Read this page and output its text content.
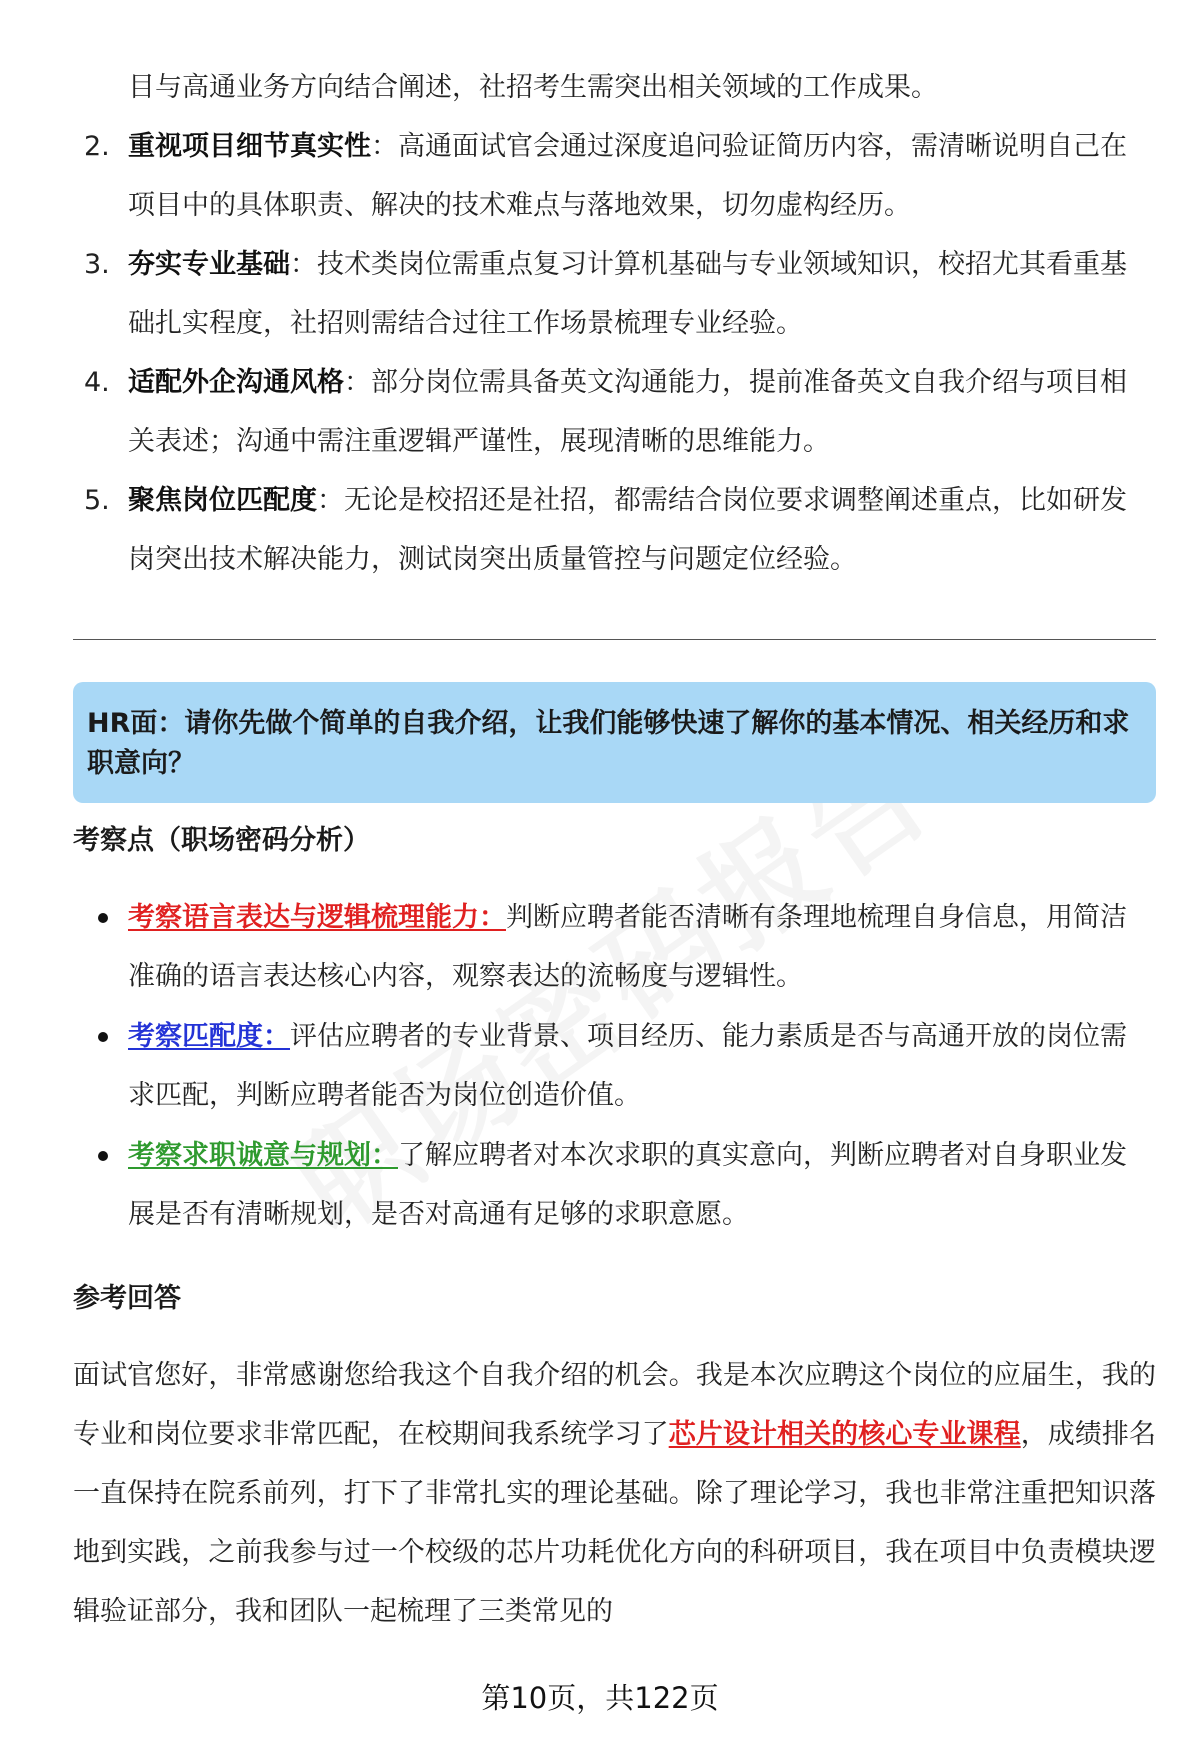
目与高通业务方向结合阐述，社招考生需突出相关领域的工作成果。

2. 重视项目细节真实性：高通面试官会通过深度追问验证简历内容，需清晰说明自己在项目中的具体职责、解决的技术难点与落地效果，切勿虚构经历。
3. 夯实专业基础：技术类岗位需重点复习计算机基础与专业领域知识，校招尤其看重基础扎实程度，社招则需结合过往工作场景梳理专业经验。
4. 适配外企沟通风格：部分岗位需具备英文沟通能力，提前准备英文自我介绍与项目相关表述；沟通中需注重逻辑严谨性，展现清晰的思维能力。
5. 聚焦岗位匹配度：无论是校招还是社招，都需结合岗位要求调整阐述重点，比如研发岗突出技术解决能力，测试岗突出质量管控与问题定位经验。
HR面：请你先做个简单的自我介绍，让我们能够快速了解你的基本情况、相关经历和求职意向？
考察点（职场密码分析）
考察语言表达与逻辑梳理能力：判断应聘者能否清晰有条理地梳理自身信息，用简洁准确的语言表达核心内容，观察表达的流畅度与逻辑性。
考察匹配度：评估应聘者的专业背景、项目经历、能力素质是否与高通开放的岗位需求匹配，判断应聘者能否为岗位创造价值。
考察求职诚意与规划：了解应聘者对本次求职的真实意向，判断应聘者对自身职业发展是否有清晰规划，是否对高通有足够的求职意愿。
参考回答

面试官您好，非常感谢您给我这个自我介绍的机会。我是本次应聘这个岗位的应届生，我的专业和岗位要求非常匹配，在校期间我系统学习了芯片设计相关的核心专业课程，成绩排名一直保持在院系前列，打下了非常扎实的理论基础。除了理论学习，我也非常注重把知识落地到实践，之前我参与过一个校级的芯片功耗优化方向的科研项目，我在项目中负责模块逻辑验证部分，我和团队一起梳理了三类常见的

第10页，共122页
